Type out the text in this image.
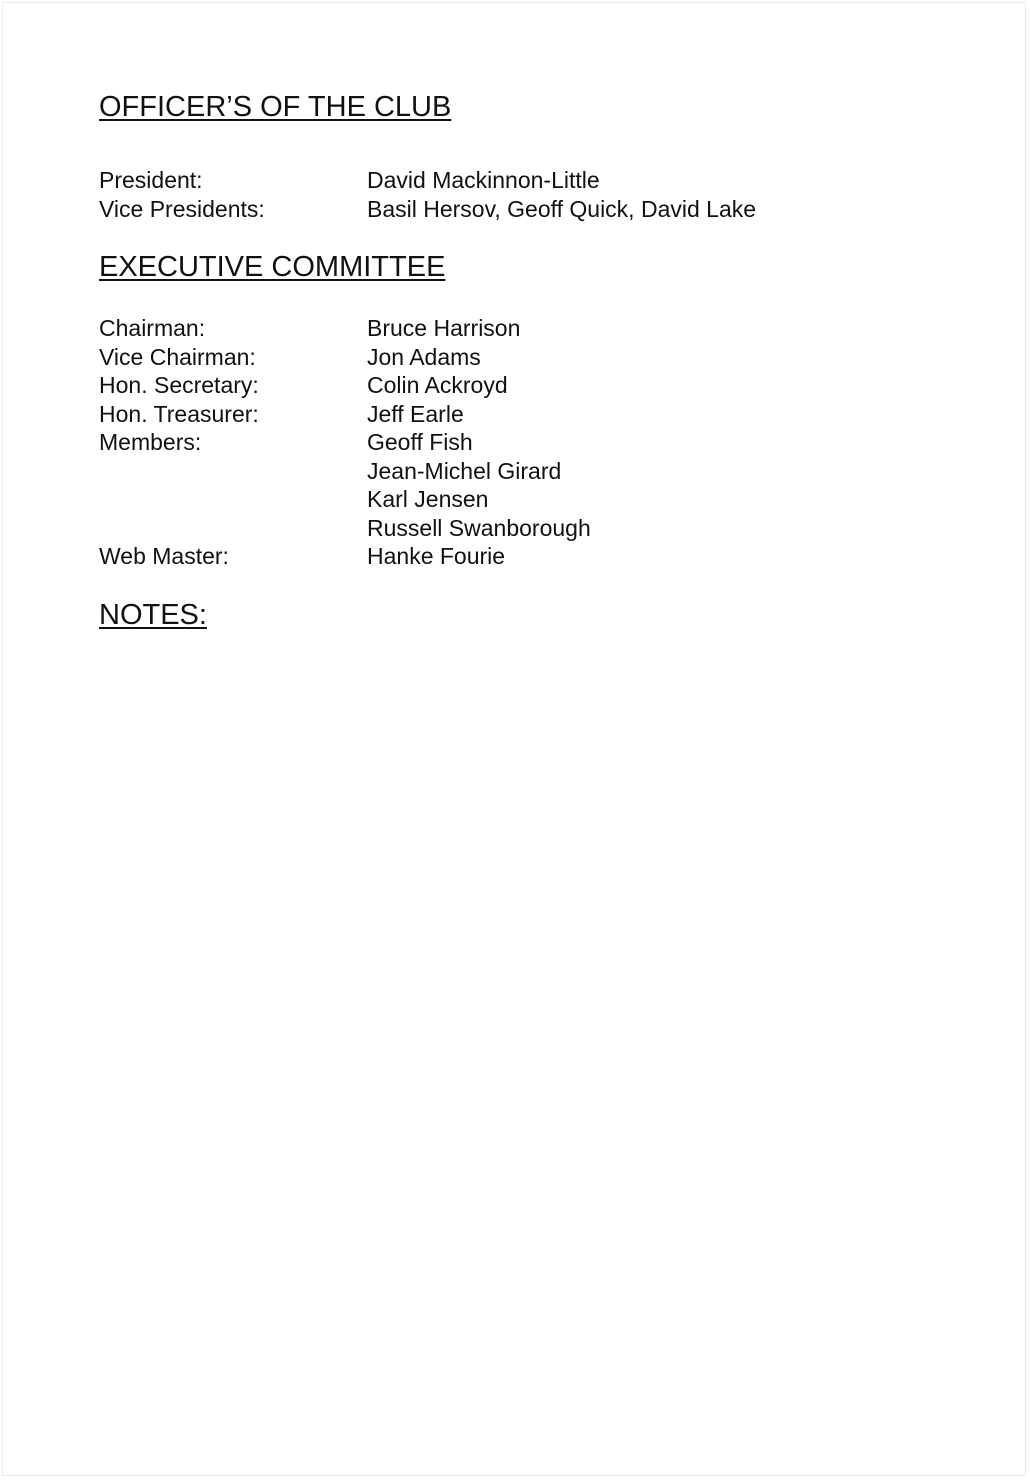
OFFICER’S OF THE CLUB
President:	David Mackinnon-Little
Vice Presidents:	Basil Hersov, Geoff Quick, David Lake
EXECUTIVE COMMITTEE
Chairman:	Bruce Harrison
Vice Chairman:	Jon Adams
Hon. Secretary:	Colin Ackroyd
Hon. Treasurer:	Jeff Earle
Members:	Geoff Fish
Jean-Michel Girard
Karl Jensen
Russell Swanborough
Web Master:	Hanke Fourie
NOTES:
